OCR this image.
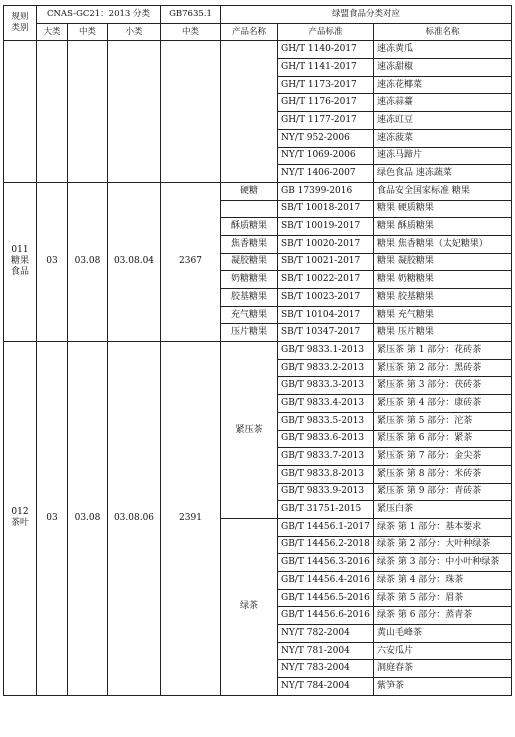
规则
类别	CNAS-GC21：2013 分类			GB7635.1	绿盟食品分类对应		
	大类	中类	小类	中类	产品名称	产品标准	标准名称
						GH/T 1140-2017	速冻黄瓜
						GH/T 1141-2017	速冻甜椒
						GH/T 1173-2017	速冻花椰菜
						GH/T 1176-2017	速冻蒜薹
						GH/T 1177-2017	速冻豇豆
						NY/T 952-2006	速冻菠菜
						NY/T 1069-2006	速冻马蹄片
						NY/T 1406-2007	绿色食品 速冻蔬菜
011
糖果
食品	03	03.08	03.08.04	2367	硬糖	GB 17399-2016	食品安全国家标准 糖果
						SB/T 10018-2017	糖果 硬质糖果
					酥质糖果	SB/T 10019-2017	糖果 酥质糖果
					焦香糖果	SB/T 10020-2017	糖果 焦香糖果（太妃糖果）
					凝胶糖果	SB/T 10021-2017	糖果 凝胶糖果
					奶糖糖果	SB/T 10022-2017	糖果 奶糖糖果
					胶基糖果	SB/T 10023-2017	糖果 胶基糖果
					充气糖果	SB/T 10104-2017	糖果 充气糖果
					压片糖果	SB/T 10347-2017	糖果 压片糖果
012
茶叶	03	03.08	03.08.06	2391	紧压茶	GB/T 9833.1-2013	紧压茶 第 1 部分：花砖茶
						GB/T 9833.2-2013	紧压茶 第 2 部分：黑砖茶
						GB/T 9833.3-2013	紧压茶 第 3 部分：茯砖茶
						GB/T 9833.4-2013	紧压茶 第 4 部分：康砖茶
						GB/T 9833.5-2013	紧压茶 第 5 部分：沱茶
						GB/T 9833.6-2013	紧压茶 第 6 部分：紧茶
						GB/T 9833.7-2013	紧压茶 第 7 部分：金尖茶
						GB/T 9833.8-2013	紧压茶 第 8 部分：米砖茶
						GB/T 9833.9-2013	紧压茶 第 9 部分：青砖茶
						GB/T 31751-2015	紧压白茶
					绿茶	GB/T 14456.1-2017	绿茶 第 1 部分：基本要求
						GB/T 14456.2-2018	绿茶 第 2 部分：大叶种绿茶
						GB/T 14456.3-2016	绿茶 第 3 部分：中小叶种绿茶
						GB/T 14456.4-2016	绿茶 第 4 部分：珠茶
						GB/T 14456.5-2016	绿茶 第 5 部分：眉茶
						GB/T 14456.6-2016	绿茶 第 6 部分：蒸青茶
						NY/T 782-2004	黄山毛峰茶
						NY/T 781-2004	六安瓜片
						NY/T 783-2004	洞庭春茶
						NY/T 784-2004	紫笋茶
